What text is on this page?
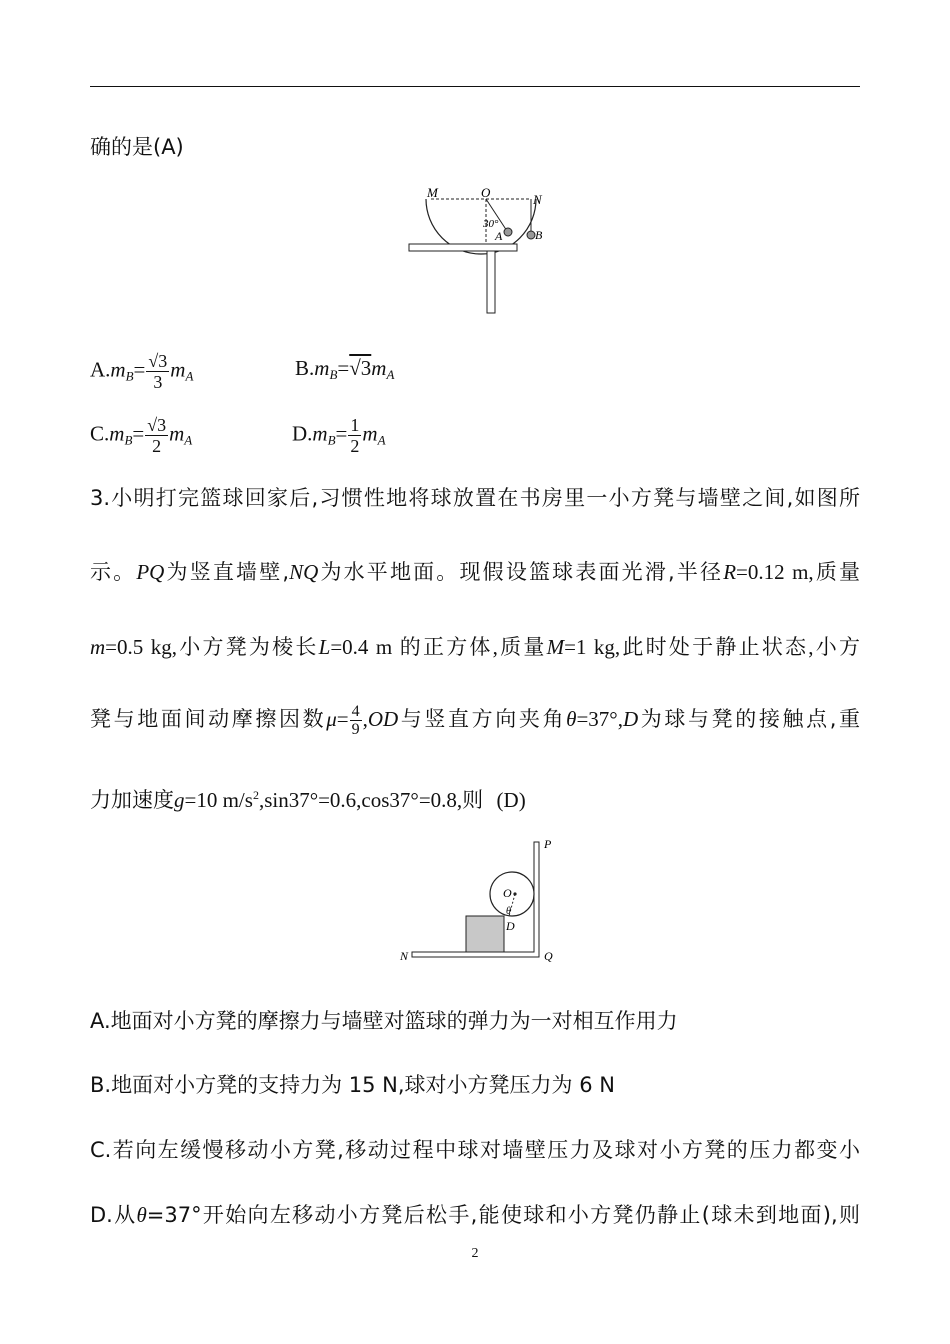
确的是(A)
M	O	N
30°
A	B
$A.m_B= \frac{√3}{3} m_A$	$B.m_B=√3m_A$
$C.m_B= \frac{√3}{2} m_A$	$D.m_B= \frac{1}{2} m_A$
3.小明打完篮球回家后,习惯性地将球放置在书房里一小方凳与墙壁之间,如图所
示。PQ为竖直墙壁,NQ为水平地面。现假设篮球表面光滑,半径R=0.12 m,质量
m=0.5 kg,小方凳为棱长L=0.4 m 的正方体,质量M=1 kg,此时处于静止状态,小方
凳与地面间动摩擦因数$\mu= \frac{4}{9} ,OD$与竖直方向夹角θ=37°,D为球与凳的接触点,重
力加速度g=10 $m/s^2,\sin 37^\circ=0.6,\cos 37^\circ=0.8$,则 (D)
P
O
θ
D
N	Q
A.地面对小方凳的摩擦力与墙壁对篮球的弹力为一对相互作用力
B.地面对小方凳的支持力为 15 N,球对小方凳压力为 6 N
C.若向左缓慢移动小方凳,移动过程中球对墙壁压力及球对小方凳的压力都变小
D.从θ=37°开始向左移动小方凳后松手,能使球和小方凳仍静止(球未到地面),则
2
